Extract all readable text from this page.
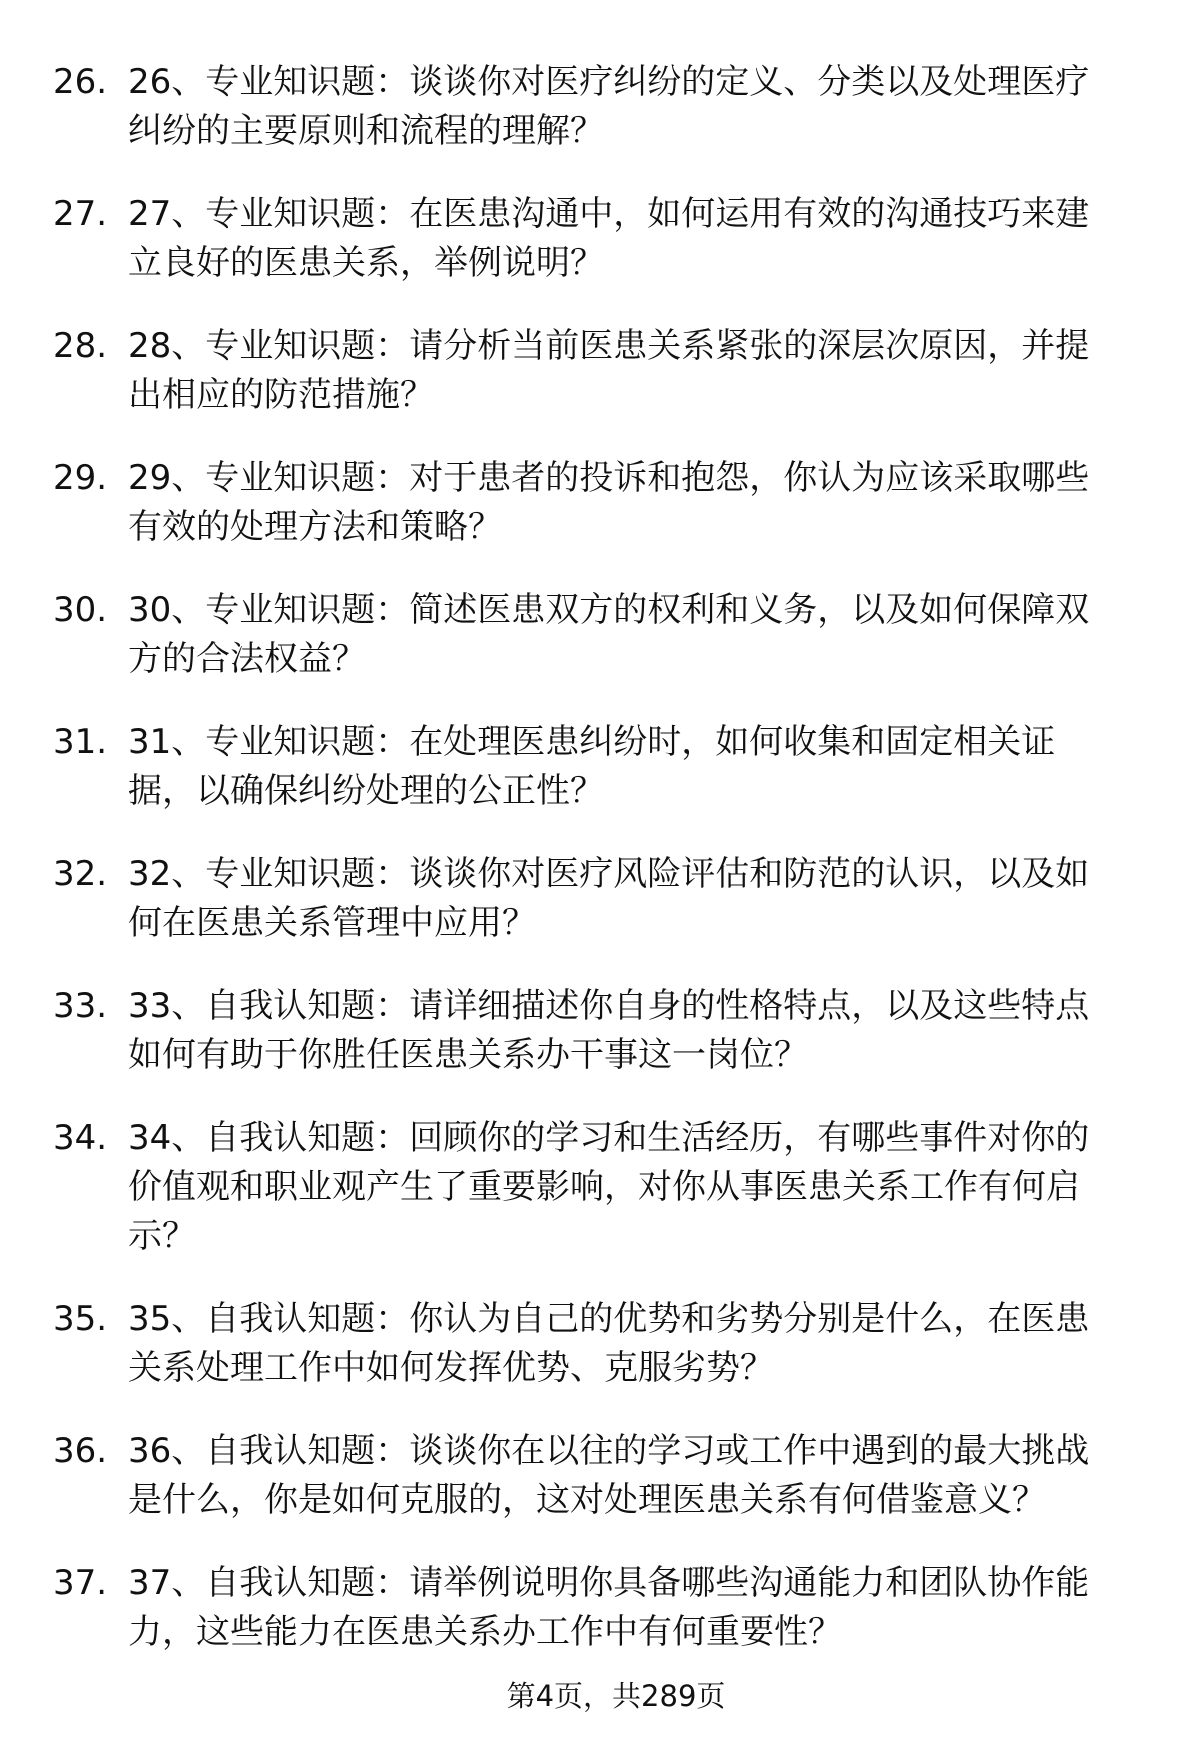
26. 26、专业知识题：谈谈你对医疗纠纷的定义、分类以及处理医疗
纠纷的主要原则和流程的理解？
27. 27、专业知识题：在医患沟通中，如何运用有效的沟通技巧来建
立良好的医患关系，举例说明？
28. 28、专业知识题：请分析当前医患关系紧张的深层次原因，并提
出相应的防范措施？
29. 29、专业知识题：对于患者的投诉和抱怨，你认为应该采取哪些
有效的处理方法和策略？
30. 30、专业知识题：简述医患双方的权利和义务，以及如何保障双
方的合法权益？
31. 31、专业知识题：在处理医患纠纷时，如何收集和固定相关证
据，以确保纠纷处理的公正性？
32. 32、专业知识题：谈谈你对医疗风险评估和防范的认识，以及如
何在医患关系管理中应用？
33. 33、自我认知题：请详细描述你自身的性格特点，以及这些特点
如何有助于你胜任医患关系办干事这一岗位？
34. 34、自我认知题：回顾你的学习和生活经历，有哪些事件对你的
价值观和职业观产生了重要影响，对你从事医患关系工作有何启
示？
35. 35、自我认知题：你认为自己的优势和劣势分别是什么，在医患
关系处理工作中如何发挥优势、克服劣势？
36. 36、自我认知题：谈谈你在以往的学习或工作中遇到的最大挑战
是什么，你是如何克服的，这对处理医患关系有何借鉴意义？
37. 37、自我认知题：请举例说明你具备哪些沟通能力和团队协作能
力，这些能力在医患关系办工作中有何重要性？
第4页，共289页
